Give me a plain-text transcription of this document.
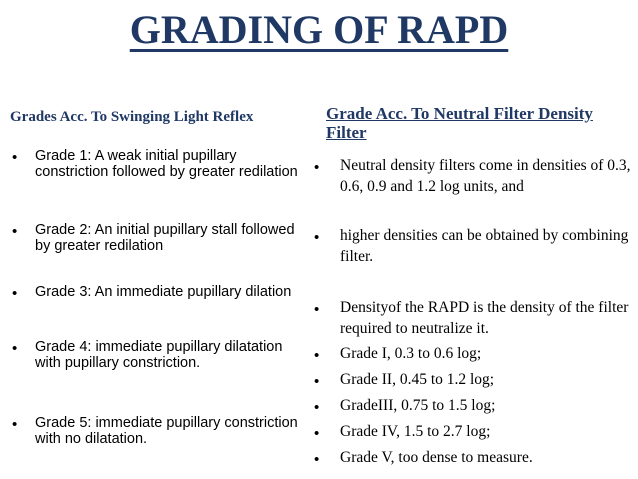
GRADING OF RAPD
Grades Acc. To Swinging Light Reflex	Grade Acc. To Neutral Filter Density Filter
• Grade 1: A weak initial pupillary constriction followed by greater redilation
• Grade 2: An initial pupillary stall followed by greater redilation
• Grade 3: An immediate pupillary dilation
• Grade 4: immediate pupillary dilatation with pupillary constriction.
• Grade 5: immediate pupillary constriction with no dilatation.
• Neutral density filters come in densities of 0.3, 0.6, 0.9 and 1.2 log units, and
• higher densities can be obtained by combining filter.
• Densityof the RAPD is the density of the filter required to neutralize it.
• Grade I, 0.3 to 0.6 log;
• Grade II, 0.45 to 1.2 log;
• GradeIII, 0.75 to 1.5 log;
• Grade IV, 1.5 to 2.7 log;
• Grade V, too dense to measure.
